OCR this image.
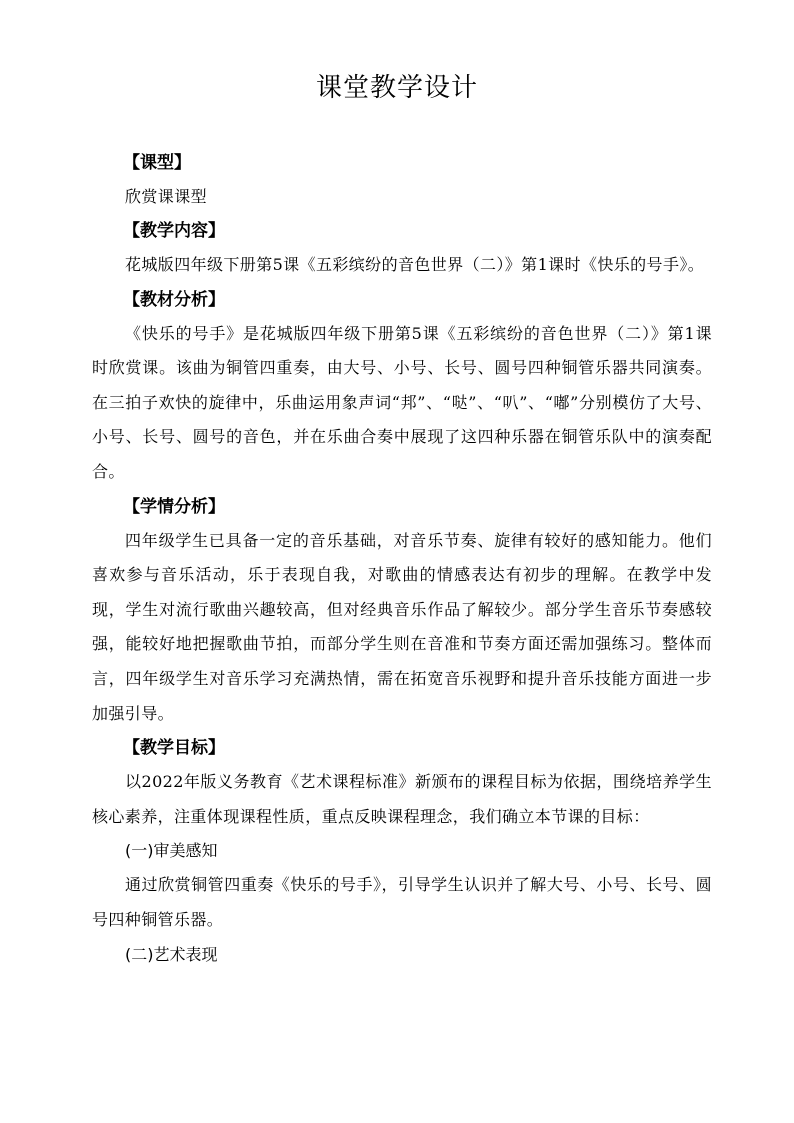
课堂教学设计
【课型】
欣赏课课型
【教学内容】
花城版四年级下册第5课《五彩缤纷的音色世界（二）》第1课时《快乐的号手》。
【教材分析】
《快乐的号手》是花城版四年级下册第5课《五彩缤纷的音色世界（二）》第1课时欣赏课。该曲为铜管四重奏，由大号、小号、长号、圆号四种铜管乐器共同演奏。在三拍子欢快的旋律中，乐曲运用象声词“邦”、“哒”、“叭”、“嘟”分别模仿了大号、小号、长号、圆号的音色，并在乐曲合奏中展现了这四种乐器在铜管乐队中的演奏配合。
【学情分析】
四年级学生已具备一定的音乐基础，对音乐节奏、旋律有较好的感知能力。他们喜欢参与音乐活动，乐于表现自我，对歌曲的情感表达有初步的理解。在教学中发现，学生对流行歌曲兴趣较高，但对经典音乐作品了解较少。部分学生音乐节奏感较强，能较好地把握歌曲节拍，而部分学生则在音准和节奏方面还需加强练习。整体而言，四年级学生对音乐学习充满热情，需在拓宽音乐视野和提升音乐技能方面进一步加强引导。
【教学目标】
以2022年版义务教育《艺术课程标准》新颁布的课程目标为依据，围绕培养学生核心素养，注重体现课程性质，重点反映课程理念，我们确立本节课的目标：
(一)审美感知
通过欣赏铜管四重奏《快乐的号手》，引导学生认识并了解大号、小号、长号、圆号四种铜管乐器。
(二)艺术表现
